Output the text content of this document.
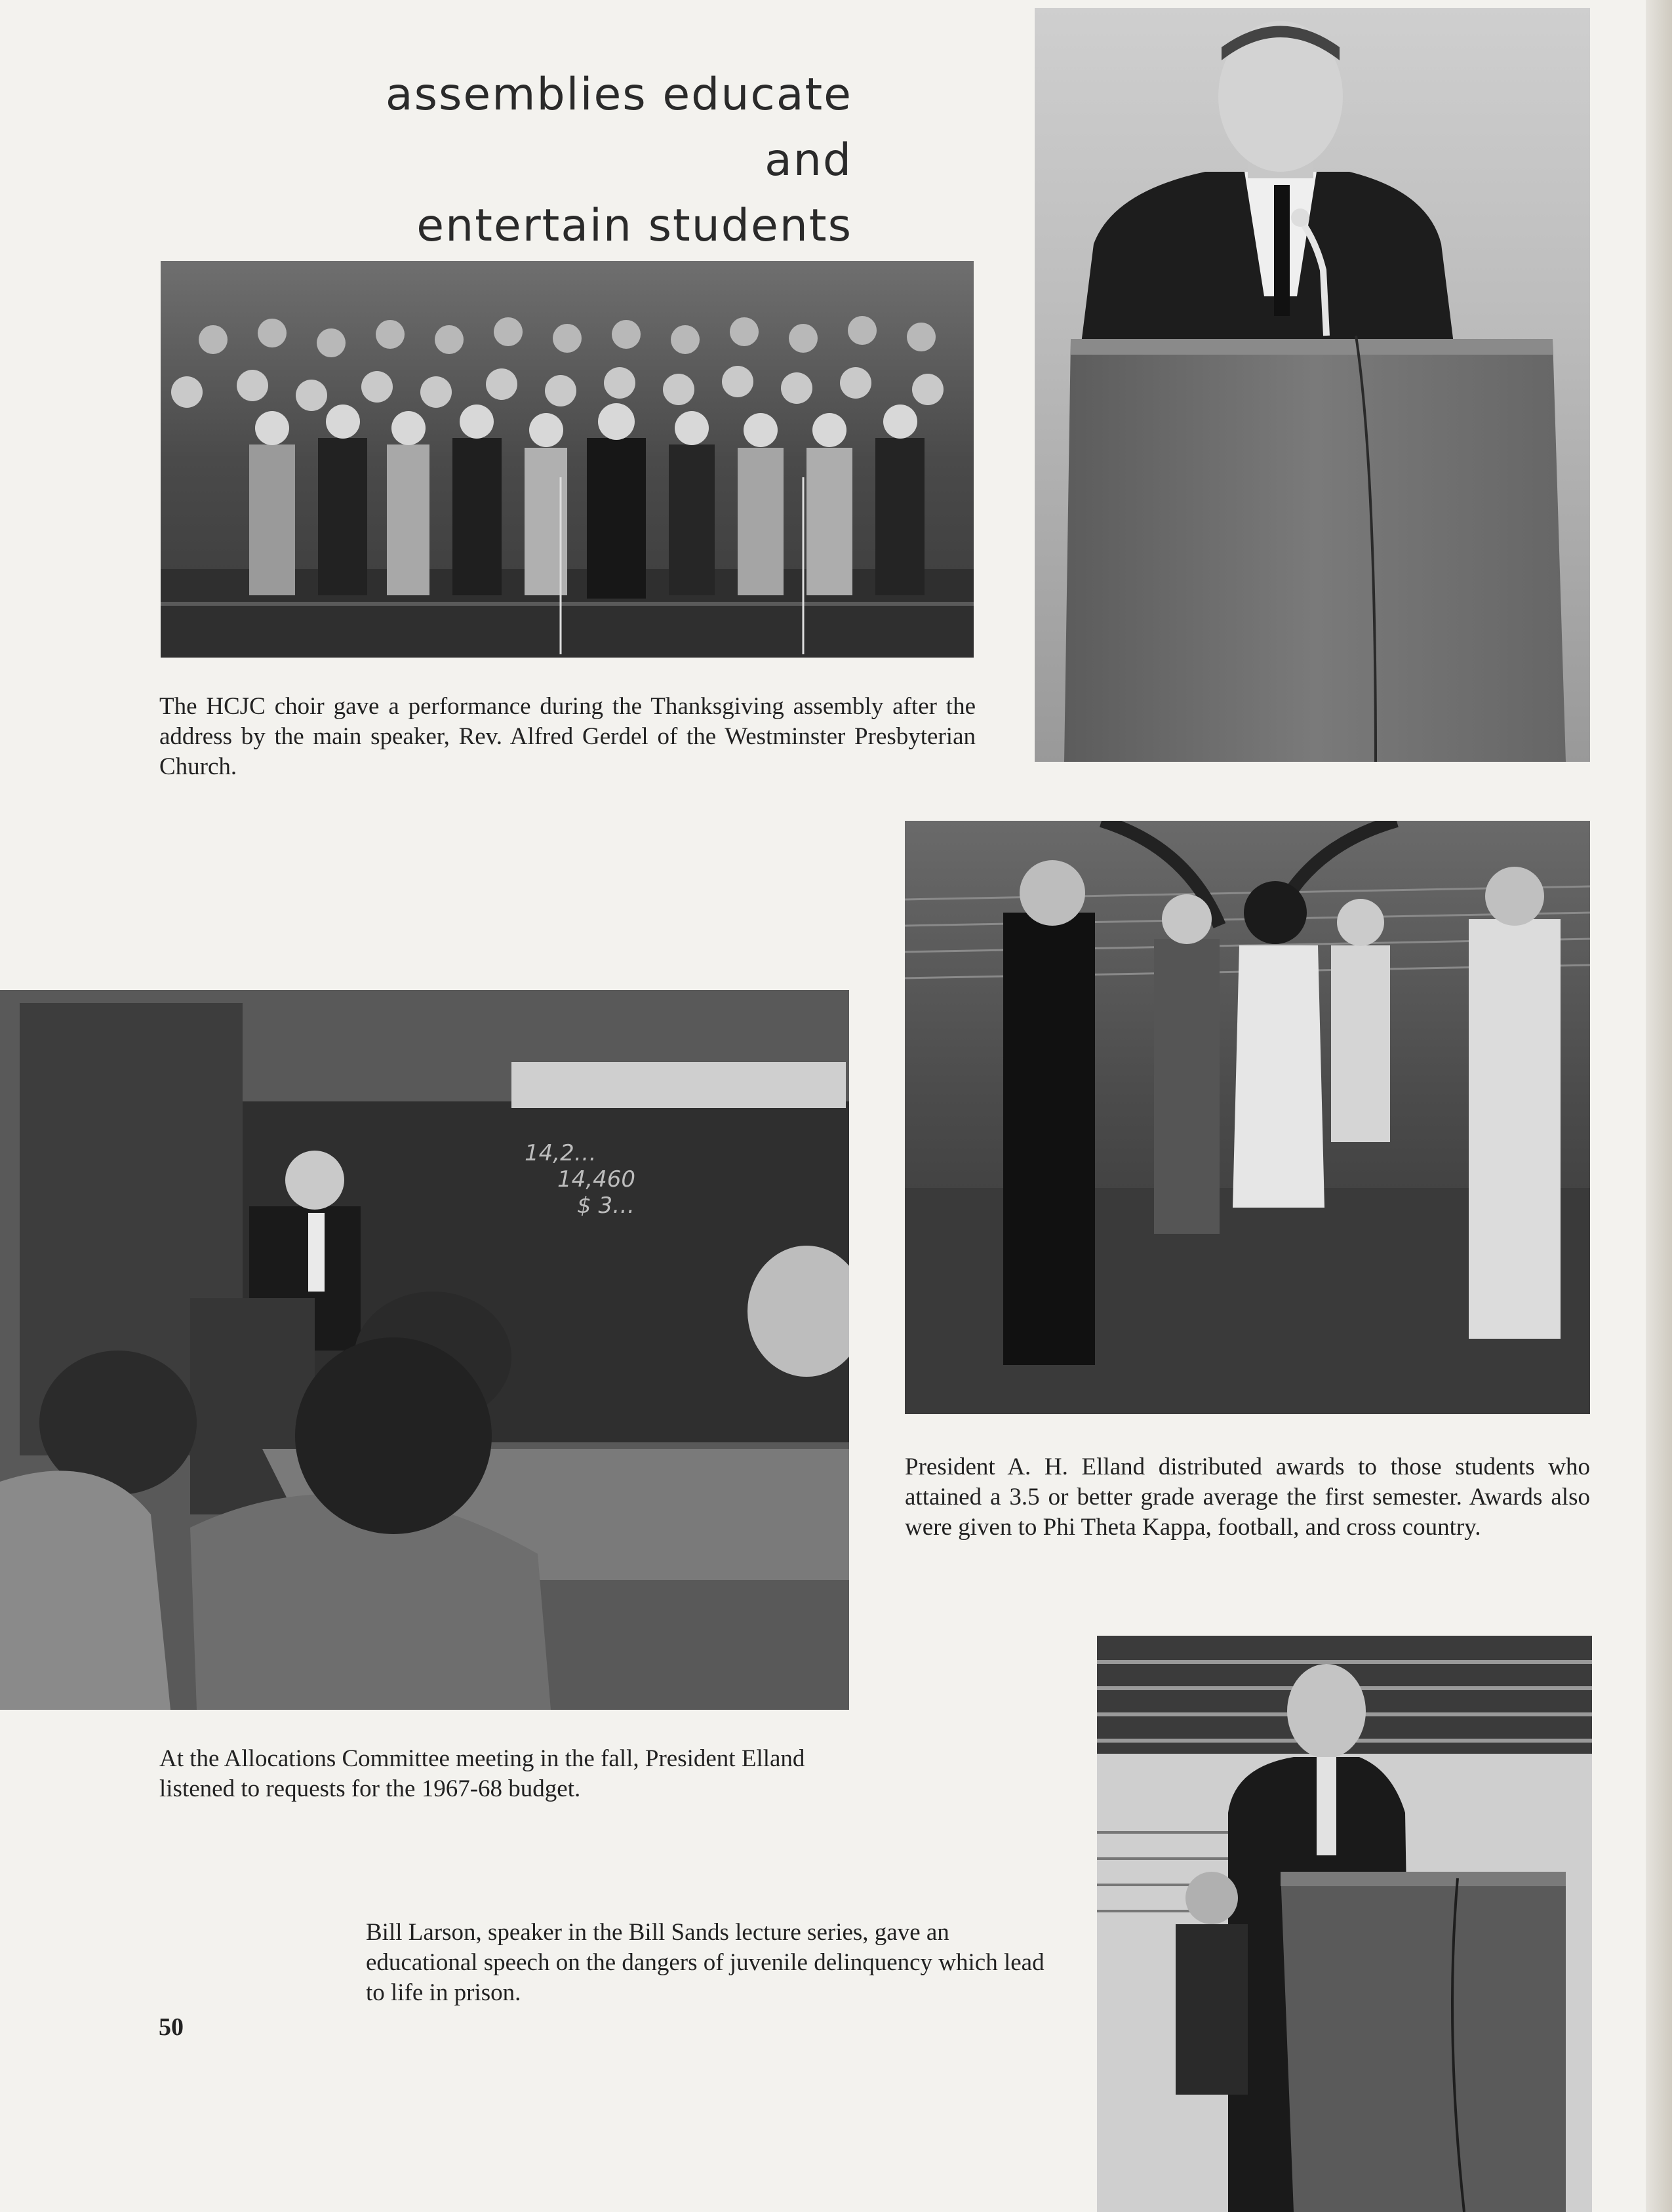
assemblies educate and
entertain students
The HCJC choir gave a performance during the Thanksgiving assembly after the address by the main speaker, Rev. Alfred Gerdel of the Westminster Presbyterian Church.
14,2…
14,460
$ 3…
President A. H. Elland distributed awards to those students who attained a 3.5 or better grade average the first semester. Awards also were given to Phi Theta Kappa, football, and cross country.
At the Allocations Committee meeting in the fall, President Elland listened to requests for the 1967-68 budget.
Bill Larson, speaker in the Bill Sands lecture series, gave an educational speech on the dangers of juvenile delinquency which lead to life in prison.
50
